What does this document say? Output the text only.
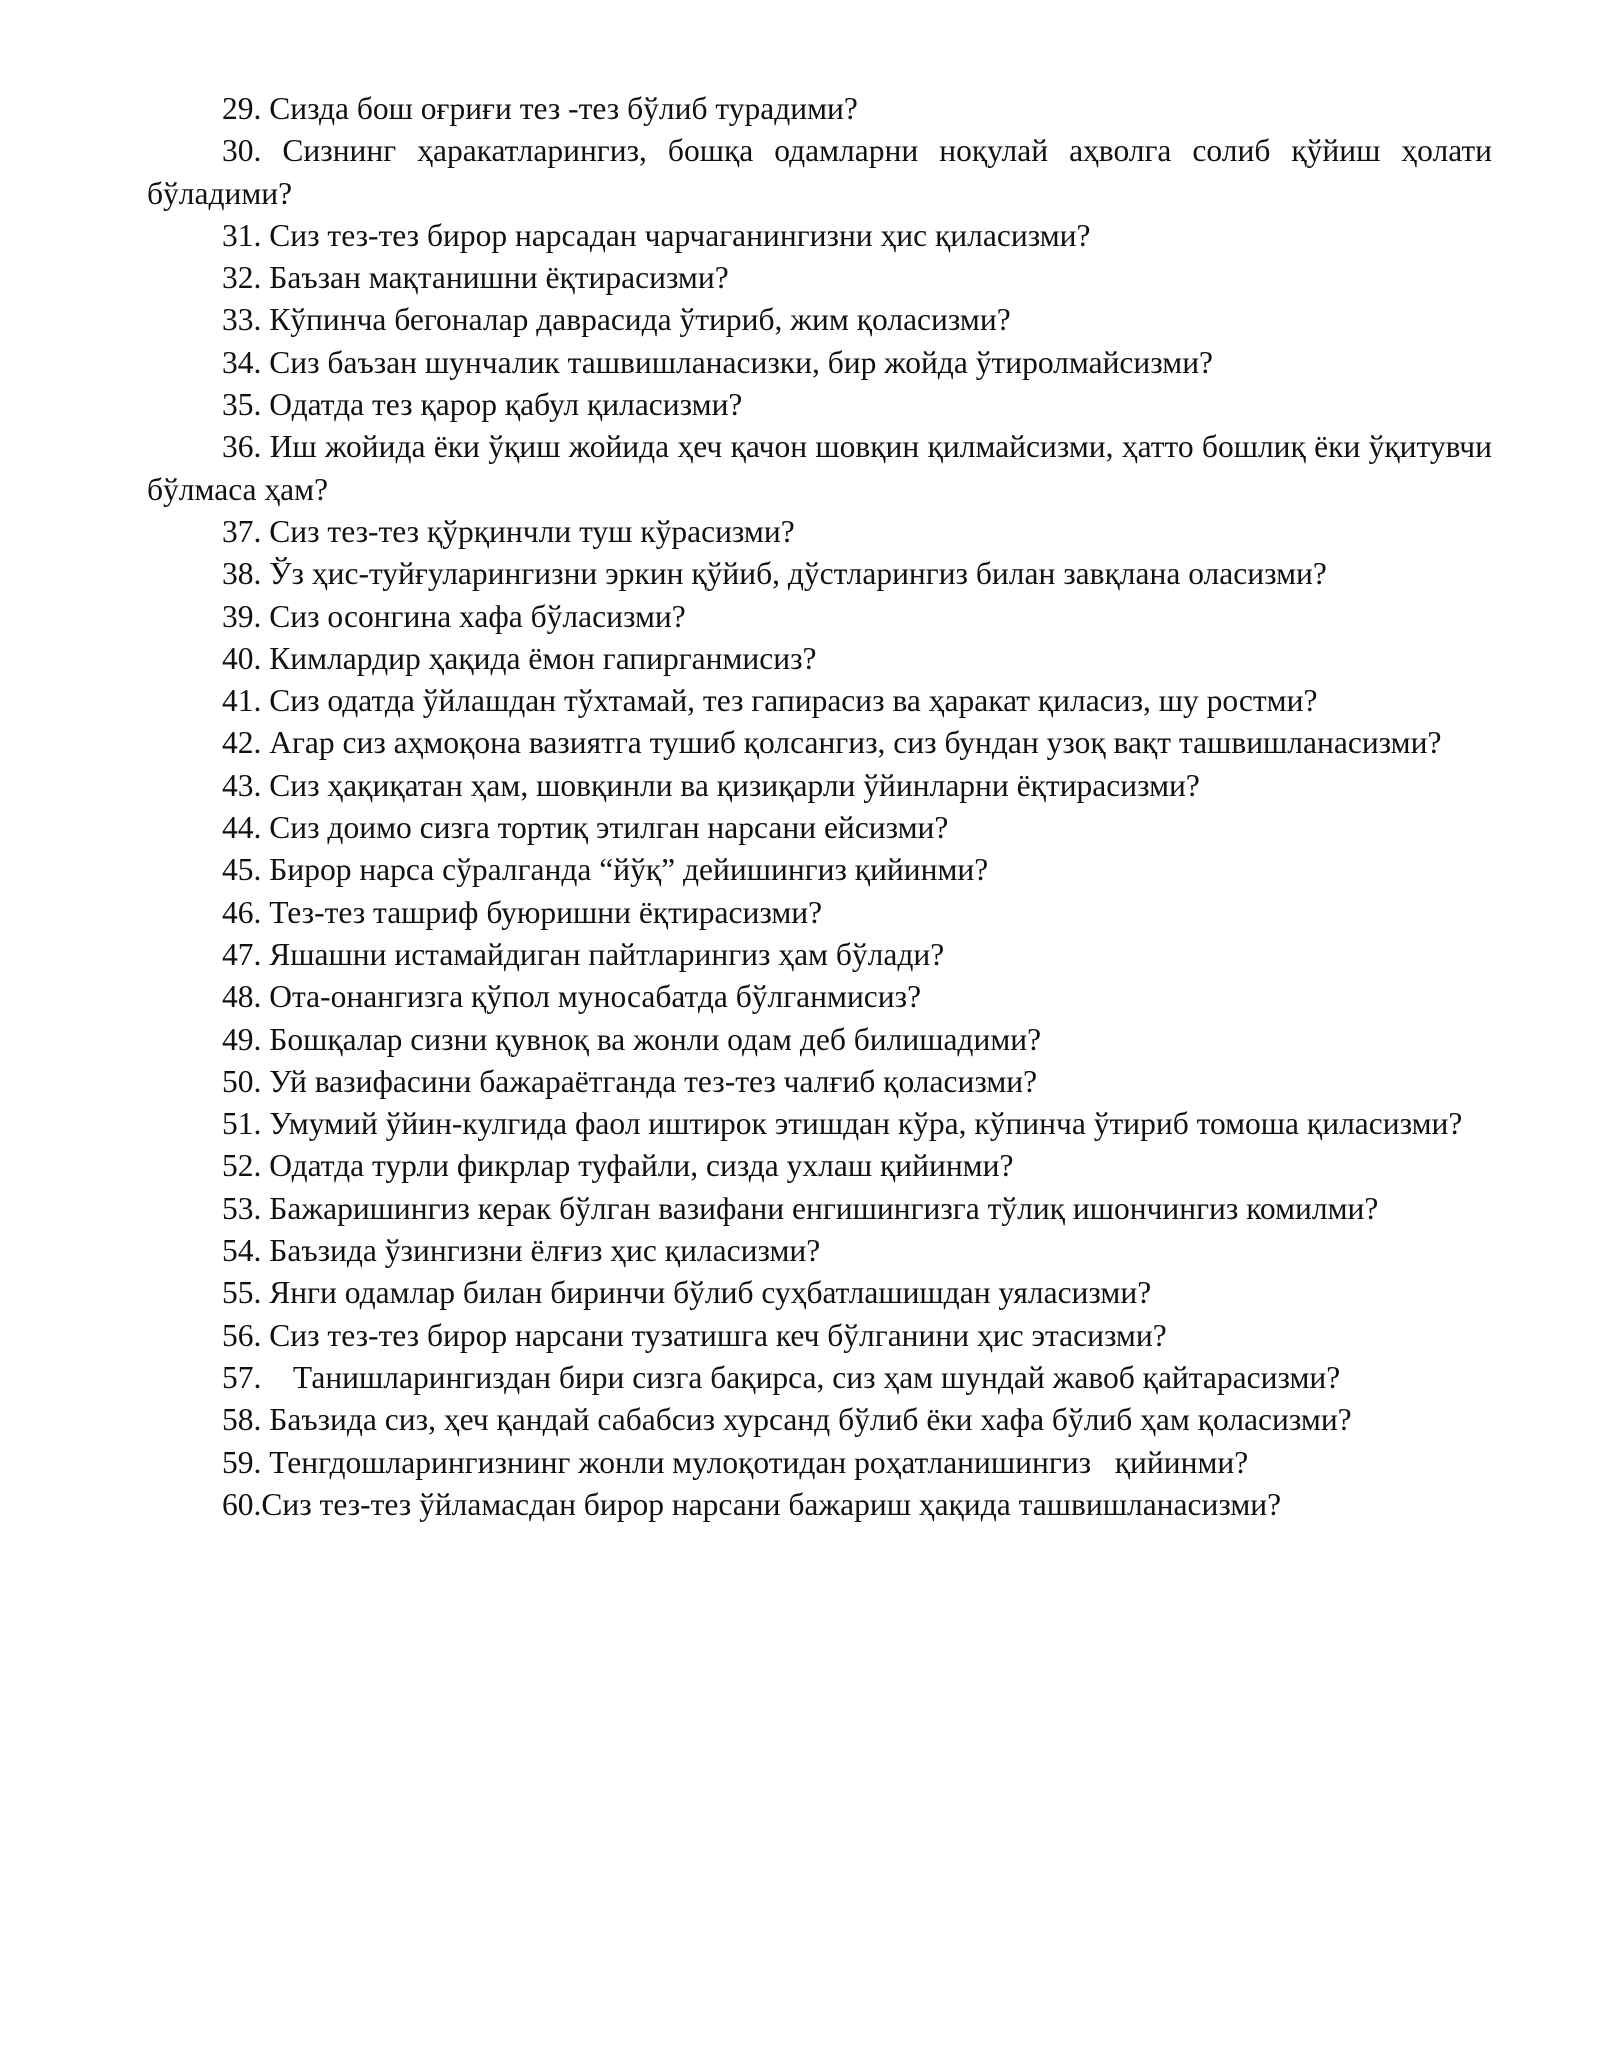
29. Сизда бош оғриғи тез -тез бўлиб турадими?

30. Сизнинг ҳаракатларингиз, бошқа одамларни ноқулай аҳволга солиб қўйиш ҳолати бўладими?

31. Сиз тез-тез бирор нарсадан чарчаганингизни ҳис қиласизми?

32. Баъзан мақтанишни ёқтирасизми?

33. Кўпинча бегоналар даврасида ўтириб, жим қоласизми?

34. Сиз баъзан шунчалик ташвишланасизки, бир жойда ўтиролмайсизми?

35. Одатда тез қарор қабул қиласизми?

36. Иш жойида ёки ўқиш жойида ҳеч қачон шовқин қилмайсизми, ҳатто бошлиқ ёки ўқитувчи бўлмаса ҳам?

37. Сиз тез-тез қўрқинчли туш кўрасизми?

38. Ўз ҳис-туйғуларингизни эркин қўйиб, дўстларингиз билан завқлана оласизми?

39. Сиз осонгина хафа бўласизми?

40. Кимлардир ҳақида ёмон гапирганмисиз?

41. Сиз одатда ўйлашдан тўхтамай, тез гапирасиз ва ҳаракат қиласиз, шу ростми?

42. Агар сиз аҳмоқона вазиятга тушиб қолсангиз, сиз бундан узоқ вақт ташвишланасизми?

43. Сиз ҳақиқатан ҳам, шовқинли ва қизиқарли ўйинларни ёқтирасизми?

44. Сиз доимо сизга тортиқ этилган нарсани ейсизми?

45. Бирор нарса сўралганда “йўқ” дейишингиз қийинми?

46. Тез-тез ташриф буюришни ёқтирасизми?

47. Яшашни истамайдиган пайтларингиз ҳам бўлади?

48. Ота-онангизга қўпол муносабатда бўлганмисиз?

49. Бошқалар сизни қувноқ ва жонли одам деб билишадими?

50. Уй вазифасини бажараётганда тез-тез чалғиб қоласизми?

51. Умумий ўйин-кулгида фаол иштирок этишдан кўра, кўпинча ўтириб томоша қиласизми?

52. Одатда турли фикрлар туфайли, сизда ухлаш қийинми?

53. Бажаришингиз керак бўлган вазифани енгишингизга тўлиқ ишончингиз комилми?

54. Баъзида ўзингизни ёлғиз ҳис қиласизми?

55. Янги одамлар билан биринчи бўлиб суҳбатлашишдан уяласизми?

56. Сиз тез-тез бирор нарсани тузатишга кеч бўлганини ҳис этасизми?

57.    Танишларингиздан бири сизга бақирса, сиз ҳам шундай жавоб қайтарасизми?

58. Баъзида сиз, ҳеч қандай сабабсиз хурсанд бўлиб ёки хафа бўлиб ҳам қоласизми?

59. Тенгдошларингизнинг жонли мулоқотидан роҳатланишингиз   қийинми?

60.Сиз тез-тез ўйламасдан бирор нарсани бажариш ҳақида ташвишланасизми?
